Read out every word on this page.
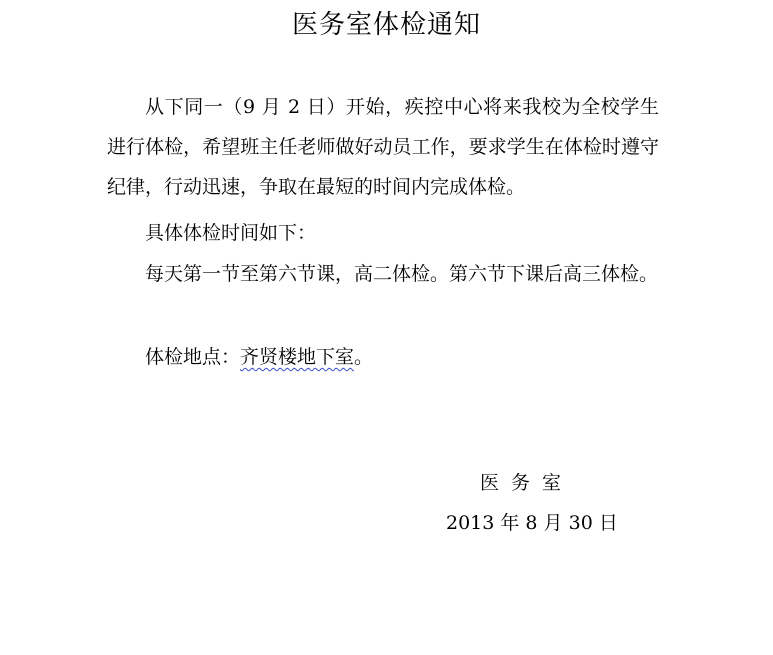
医务室体检通知

从下同一（9 月 2 日）开始，疾控中心将来我校为全校学生进行体检，希望班主任老师做好动员工作，要求学生在体检时遵守纪律，行动迅速，争取在最短的时间内完成体检。

具体体检时间如下：

每天第一节至第六节课，高二体检。第六节下课后高三体检。

体检地点：齐贤楼地下室。

医务室
2013 年 8 月 30 日
